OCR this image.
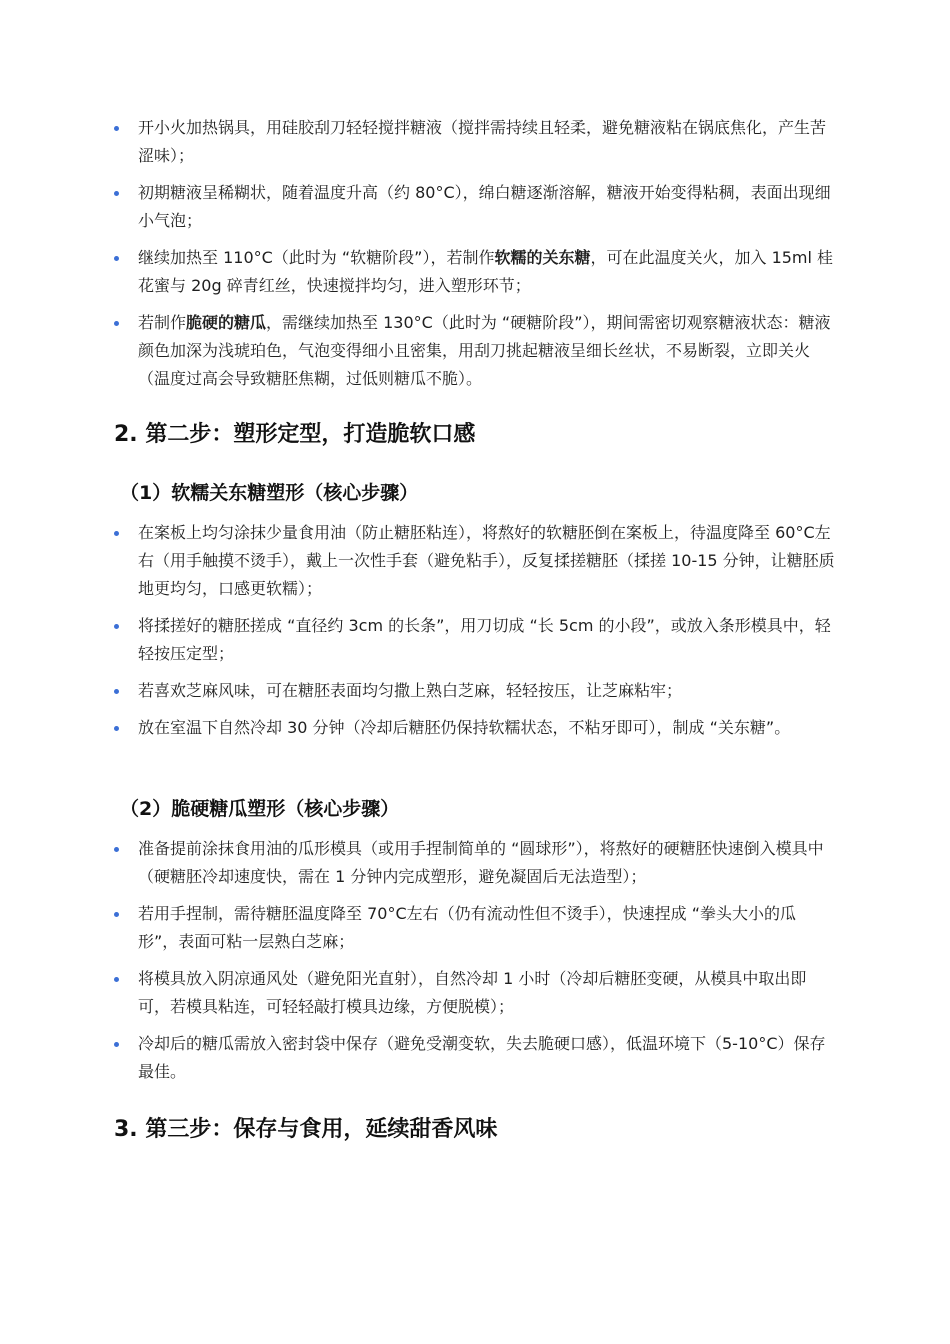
开小火加热锅具，用硅胶刮刀轻轻搅拌糖液（搅拌需持续且轻柔，避免糖液粘在锅底焦化，产生苦涩味）；
初期糖液呈稀糊状，随着温度升高（约 80°C），绵白糖逐渐溶解，糖液开始变得粘稠，表面出现细小气泡；
继续加热至 110°C（此时为 “软糖阶段”），若制作软糯的关东糖，可在此温度关火，加入 15ml 桂花蜜与 20g 碎青红丝，快速搅拌均匀，进入塑形环节；
若制作脆硬的糖瓜，需继续加热至 130°C（此时为 “硬糖阶段”），期间需密切观察糖液状态：糖液颜色加深为浅琥珀色，气泡变得细小且密集，用刮刀挑起糖液呈细长丝状，不易断裂，立即关火（温度过高会导致糖胚焦糊，过低则糖瓜不脆）。
2. 第二步：塑形定型，打造脆软口感
（1）软糯关东糖塑形（核心步骤）
在案板上均匀涂抹少量食用油（防止糖胚粘连），将熬好的软糖胚倒在案板上，待温度降至 60°C左右（用手触摸不烫手），戴上一次性手套（避免粘手），反复揉搓糖胚（揉搓 10-15 分钟，让糖胚质地更均匀，口感更软糯）；
将揉搓好的糖胚搓成 “直径约 3cm 的长条”，用刀切成 “长 5cm 的小段”，或放入条形模具中，轻轻按压定型；
若喜欢芝麻风味，可在糖胚表面均匀撒上熟白芝麻，轻轻按压，让芝麻粘牢；
放在室温下自然冷却 30 分钟（冷却后糖胚仍保持软糯状态，不粘牙即可），制成 “关东糖”。
（2）脆硬糖瓜塑形（核心步骤）
准备提前涂抹食用油的瓜形模具（或用手捏制简单的 “圆球形”），将熬好的硬糖胚快速倒入模具中（硬糖胚冷却速度快，需在 1 分钟内完成塑形，避免凝固后无法造型）；
若用手捏制，需待糖胚温度降至 70°C左右（仍有流动性但不烫手），快速捏成 “拳头大小的瓜形”，表面可粘一层熟白芝麻；
将模具放入阴凉通风处（避免阳光直射），自然冷却 1 小时（冷却后糖胚变硬，从模具中取出即可，若模具粘连，可轻轻敲打模具边缘，方便脱模）；
冷却后的糖瓜需放入密封袋中保存（避免受潮变软，失去脆硬口感），低温环境下（5-10°C）保存最佳。
3. 第三步：保存与食用，延续甜香风味
